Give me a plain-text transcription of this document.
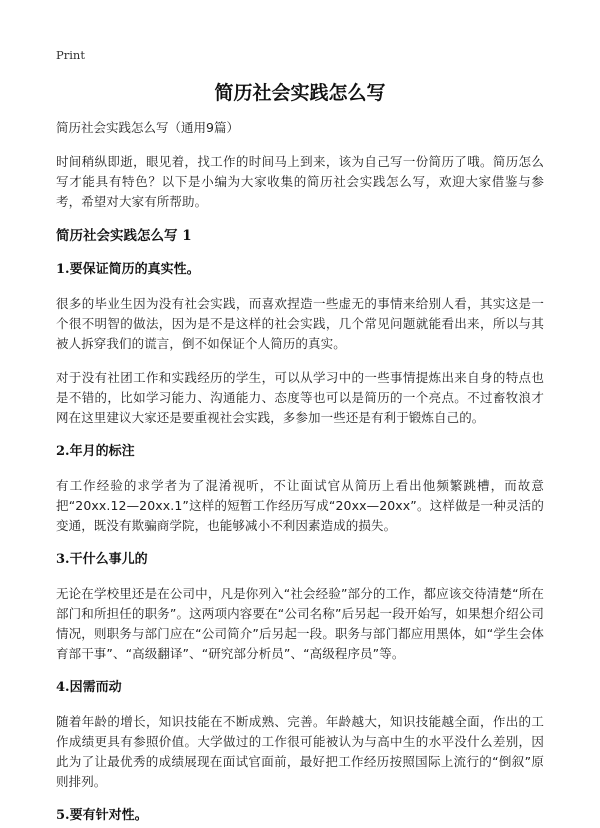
Print
简历社会实践怎么写
简历社会实践怎么写（通用9篇）

时间稍纵即逝，眼见着，找工作的时间马上到来，该为自己写一份简历了哦。简历怎么写才能具有特色？以下是小编为大家收集的简历社会实践怎么写，欢迎大家借鉴与参考，希望对大家有所帮助。

简历社会实践怎么写 1
1.要保证简历的真实性。

很多的毕业生因为没有社会实践，而喜欢捏造一些虚无的事情来给别人看，其实这是一个很不明智的做法，因为是不是这样的社会实践，几个常见问题就能看出来，所以与其被人拆穿我们的谎言，倒不如保证个人简历的真实。

对于没有社团工作和实践经历的学生，可以从学习中的一些事情提炼出来自身的特点也是不错的，比如学习能力、沟通能力、态度等也可以是简历的一个亮点。不过畜牧浪才网在这里建议大家还是要重视社会实践，多参加一些还是有利于锻炼自己的。

2.年月的标注

有工作经验的求学者为了混淆视听，不让面试官从简历上看出他频繁跳槽，而故意把“20xx.12—20xx.1”这样的短暂工作经历写成“20xx—20xx”。这样做是一种灵活的变通，既没有欺骗商学院，也能够减小不利因素造成的损失。

3.干什么事儿的

无论在学校里还是在公司中，凡是你列入“社会经验”部分的工作，都应该交待清楚“所在部门和所担任的职务”。这两项内容要在“公司名称”后另起一段开始写，如果想介绍公司情况，则职务与部门应在“公司简介”后另起一段。职务与部门都应用黑体，如“学生会体育部干事”、“高级翻译”、“研究部分析员”、“高级程序员”等。

4.因需而动

随着年龄的增长，知识技能在不断成熟、完善。年龄越大，知识技能越全面，作出的工作成绩更具有参照价值。大学做过的工作很可能被认为与高中生的水平没什么差别，因此为了让最优秀的成绩展现在面试官面前，最好把工作经历按照国际上流行的“倒叙”原则排列。

5.要有针对性。
